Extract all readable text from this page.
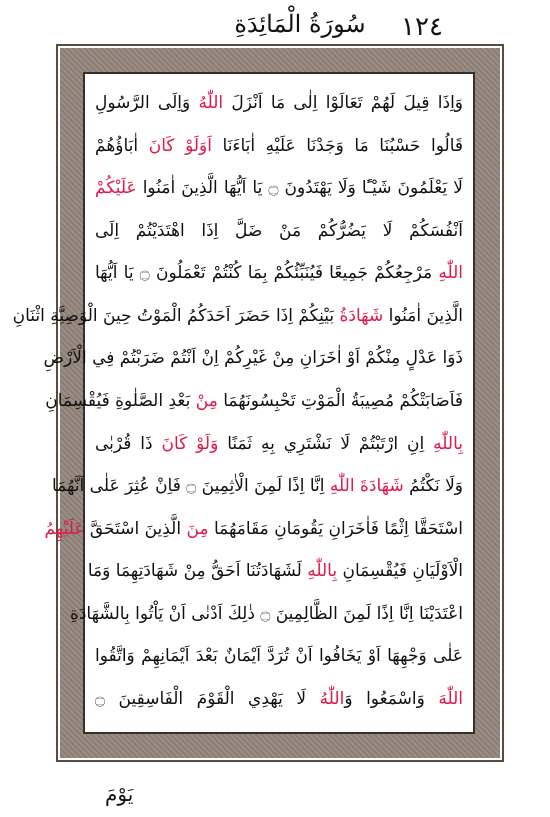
١٢٤
سُورَةُ الْمَائِدَةِ
وَاِذَا قِيلَ لَهُمْ تَعَالَوْا اِلٰى مَا اَنْزَلَ اللّٰهُ وَاِلَى الرَّسُولِ
قَالُوا حَسْبُنَا مَا وَجَدْنَا عَلَيْهِ اٰبَاءَنَا اَوَلَوْ كَانَ اٰبَاؤُهُمْ
لَا يَعْلَمُونَ شَيْـًٔا وَلَا يَهْتَدُونَ ۝ يَا اَيُّهَا الَّذِينَ اٰمَنُوا عَلَيْكُمْ
اَنْفُسَكُمْ لَا يَضُرُّكُمْ مَنْ ضَلَّ اِذَا اهْتَدَيْتُمْ اِلَى
اللّٰهِ مَرْجِعُكُمْ جَمِيعًا فَيُنَبِّئُكُمْ بِمَا كُنْتُمْ تَعْمَلُونَ ۝ يَا اَيُّهَا
الَّذِينَ اٰمَنُوا شَهَادَةُ بَيْنِكُمْ اِذَا حَضَرَ اَحَدَكُمُ الْمَوْتُ حِينَ الْوَصِيَّةِ اثْنَانِ
ذَوَا عَدْلٍ مِنْكُمْ اَوْ اٰخَرَانِ مِنْ غَيْرِكُمْ اِنْ اَنْتُمْ ضَرَبْتُمْ فِي الْاَرْضِ
فَاَصَابَتْكُمْ مُصِيبَةُ الْمَوْتِ تَحْبِسُونَهُمَا مِنْ بَعْدِ الصَّلٰوةِ فَيُقْسِمَانِ
بِاللّٰهِ اِنِ ارْتَبْتُمْ لَا نَشْتَرِي بِهِ ثَمَنًا وَلَوْ كَانَ ذَا قُرْبٰى
وَلَا نَكْتُمُ شَهَادَةَ اللّٰهِ اِنَّا اِذًا لَمِنَ الْاٰثِمِينَ ۝ فَاِنْ عُثِرَ عَلٰى اَنَّهُمَا
اسْتَحَقَّا اِثْمًا فَاٰخَرَانِ يَقُومَانِ مَقَامَهُمَا مِنَ الَّذِينَ اسْتَحَقَّ عَلَيْهِمُ
الْاَوْلَيَانِ فَيُقْسِمَانِ بِاللّٰهِ لَشَهَادَتُنَا اَحَقُّ مِنْ شَهَادَتِهِمَا وَمَا
اعْتَدَيْنَا اِنَّا اِذًا لَمِنَ الظَّالِمِينَ ۝ ذٰلِكَ اَدْنٰى اَنْ يَاْتُوا بِالشَّهَادَةِ
عَلٰى وَجْهِهَا اَوْ يَخَافُوا اَنْ تُرَدَّ اَيْمَانٌ بَعْدَ اَيْمَانِهِمْ وَاتَّقُوا
اللّٰهَ وَاسْمَعُوا وَاللّٰهُ لَا يَهْدِي الْقَوْمَ الْفَاسِقِينَ ۝
يَوْمَ
